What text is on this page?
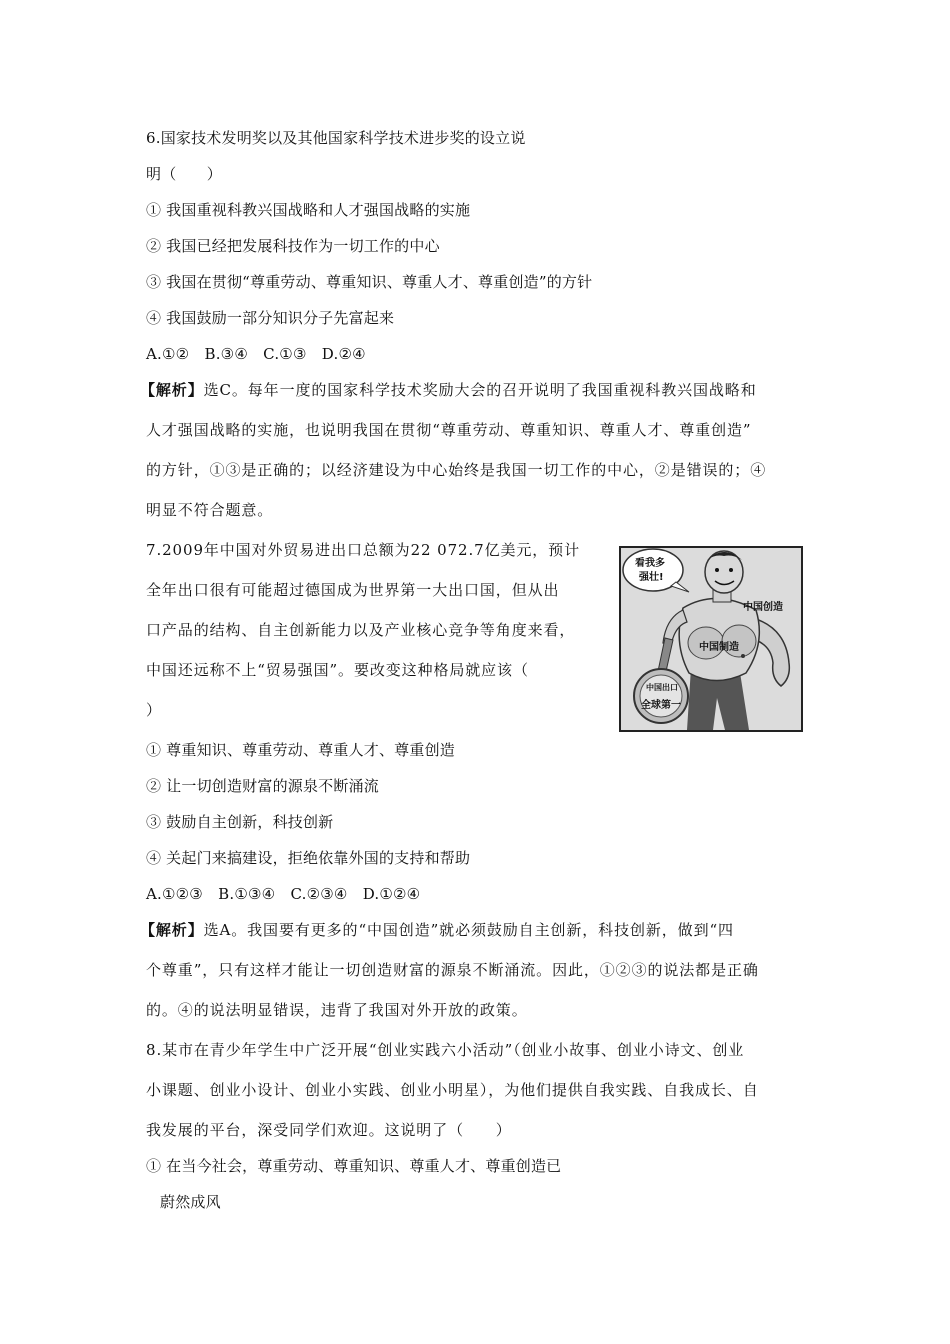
6.国家技术发明奖以及其他国家科学技术进步奖的设立说
明（　　）
① 我国重视科教兴国战略和人才强国战略的实施
② 我国已经把发展科技作为一切工作的中心
③ 我国在贯彻“尊重劳动、尊重知识、尊重人才、尊重创造”的方针
④ 我国鼓励一部分知识分子先富起来
A.①②　B.③④　C.①③　D.②④
【解析】选C。每年一度的国家科学技术奖励大会的召开说明了我国重视科教兴国战略和
人才强国战略的实施，也说明我国在贯彻“尊重劳动、尊重知识、尊重人才、尊重创造”
的方针，①③是正确的；以经济建设为中心始终是我国一切工作的中心，②是错误的；④
明显不符合题意。
7.2009年中国对外贸易进出口总额为22 072.7亿美元，预计
全年出口很有可能超过德国成为世界第一大出口国，但从出
口产品的结构、自主创新能力以及产业核心竞争等角度来看，
中国还远称不上“贸易强国”。要改变这种格局就应该（
）
看我多
强壮!
中国创造
中国制造
中国出口
全球第一
① 尊重知识、尊重劳动、尊重人才、尊重创造
② 让一切创造财富的源泉不断涌流
③ 鼓励自主创新，科技创新
④ 关起门来搞建设，拒绝依靠外国的支持和帮助
A.①②③　B.①③④　C.②③④　D.①②④
【解析】选A。我国要有更多的“中国创造”就必须鼓励自主创新，科技创新，做到“四
个尊重”，只有这样才能让一切创造财富的源泉不断涌流。因此，①②③的说法都是正确
的。④的说法明显错误，违背了我国对外开放的政策。
8.某市在青少年学生中广泛开展“创业实践六小活动”（创业小故事、创业小诗文、创业
小课题、创业小设计、创业小实践、创业小明星），为他们提供自我实践、自我成长、自
我发展的平台，深受同学们欢迎。这说明了（　　）
① 在当今社会，尊重劳动、尊重知识、尊重人才、尊重创造已
蔚然成风
